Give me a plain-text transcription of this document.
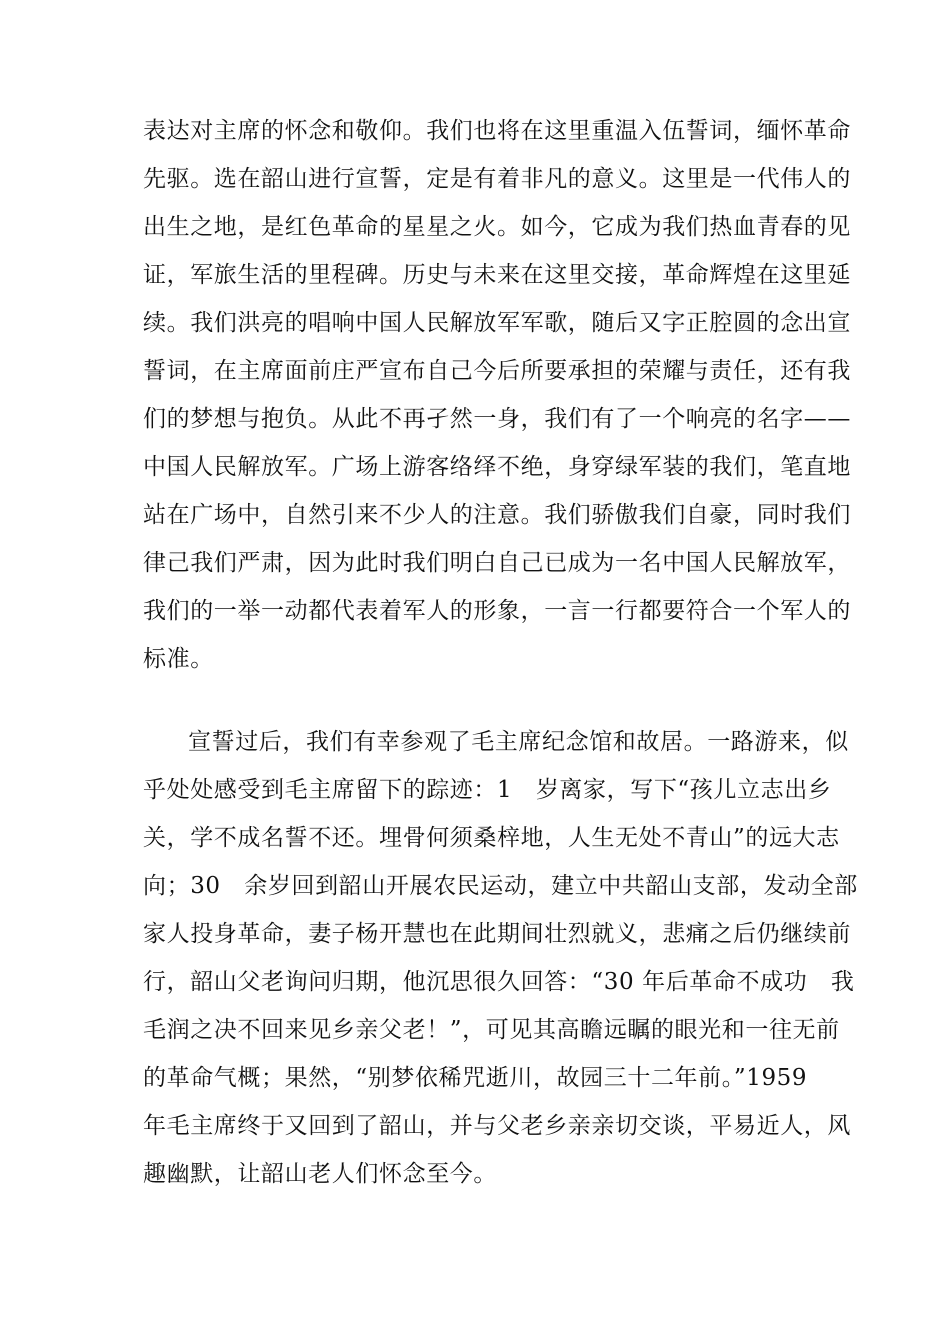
表达对主席的怀念和敬仰。我们也将在这里重温入伍誓词，缅怀革命
先驱。选在韶山进行宣誓，定是有着非凡的意义。这里是一代伟人的
出生之地，是红色革命的星星之火。如今，它成为我们热血青春的见
证，军旅生活的里程碑。历史与未来在这里交接，革命辉煌在这里延
续。我们洪亮的唱响中国人民解放军军歌，随后又字正腔圆的念出宣
誓词，在主席面前庄严宣布自己今后所要承担的荣耀与责任，还有我
们的梦想与抱负。从此不再孑然一身，我们有了一个响亮的名字——
中国人民解放军。广场上游客络绎不绝，身穿绿军装的我们，笔直地
站在广场中，自然引来不少人的注意。我们骄傲我们自豪，同时我们
律己我们严肃，因为此时我们明白自己已成为一名中国人民解放军，
我们的一举一动都代表着军人的形象，一言一行都要符合一个军人的
标准。
宣誓过后，我们有幸参观了毛主席纪念馆和故居。一路游来，似
乎处处感受到毛主席留下的踪迹：1　岁离家，写下“孩儿立志出乡
关，学不成名誓不还。埋骨何须桑梓地，人生无处不青山”的远大志
向；30　余岁回到韶山开展农民运动，建立中共韶山支部，发动全部
家人投身革命，妻子杨开慧也在此期间壮烈就义，悲痛之后仍继续前
行，韶山父老询问归期，他沉思很久回答：“30 年后革命不成功　我
毛润之决不回来见乡亲父老！”，可见其高瞻远瞩的眼光和一往无前
的革命气概；果然，“别梦依稀咒逝川，故园三十二年前。”1959
年毛主席终于又回到了韶山，并与父老乡亲亲切交谈，平易近人，风
趣幽默，让韶山老人们怀念至今。
